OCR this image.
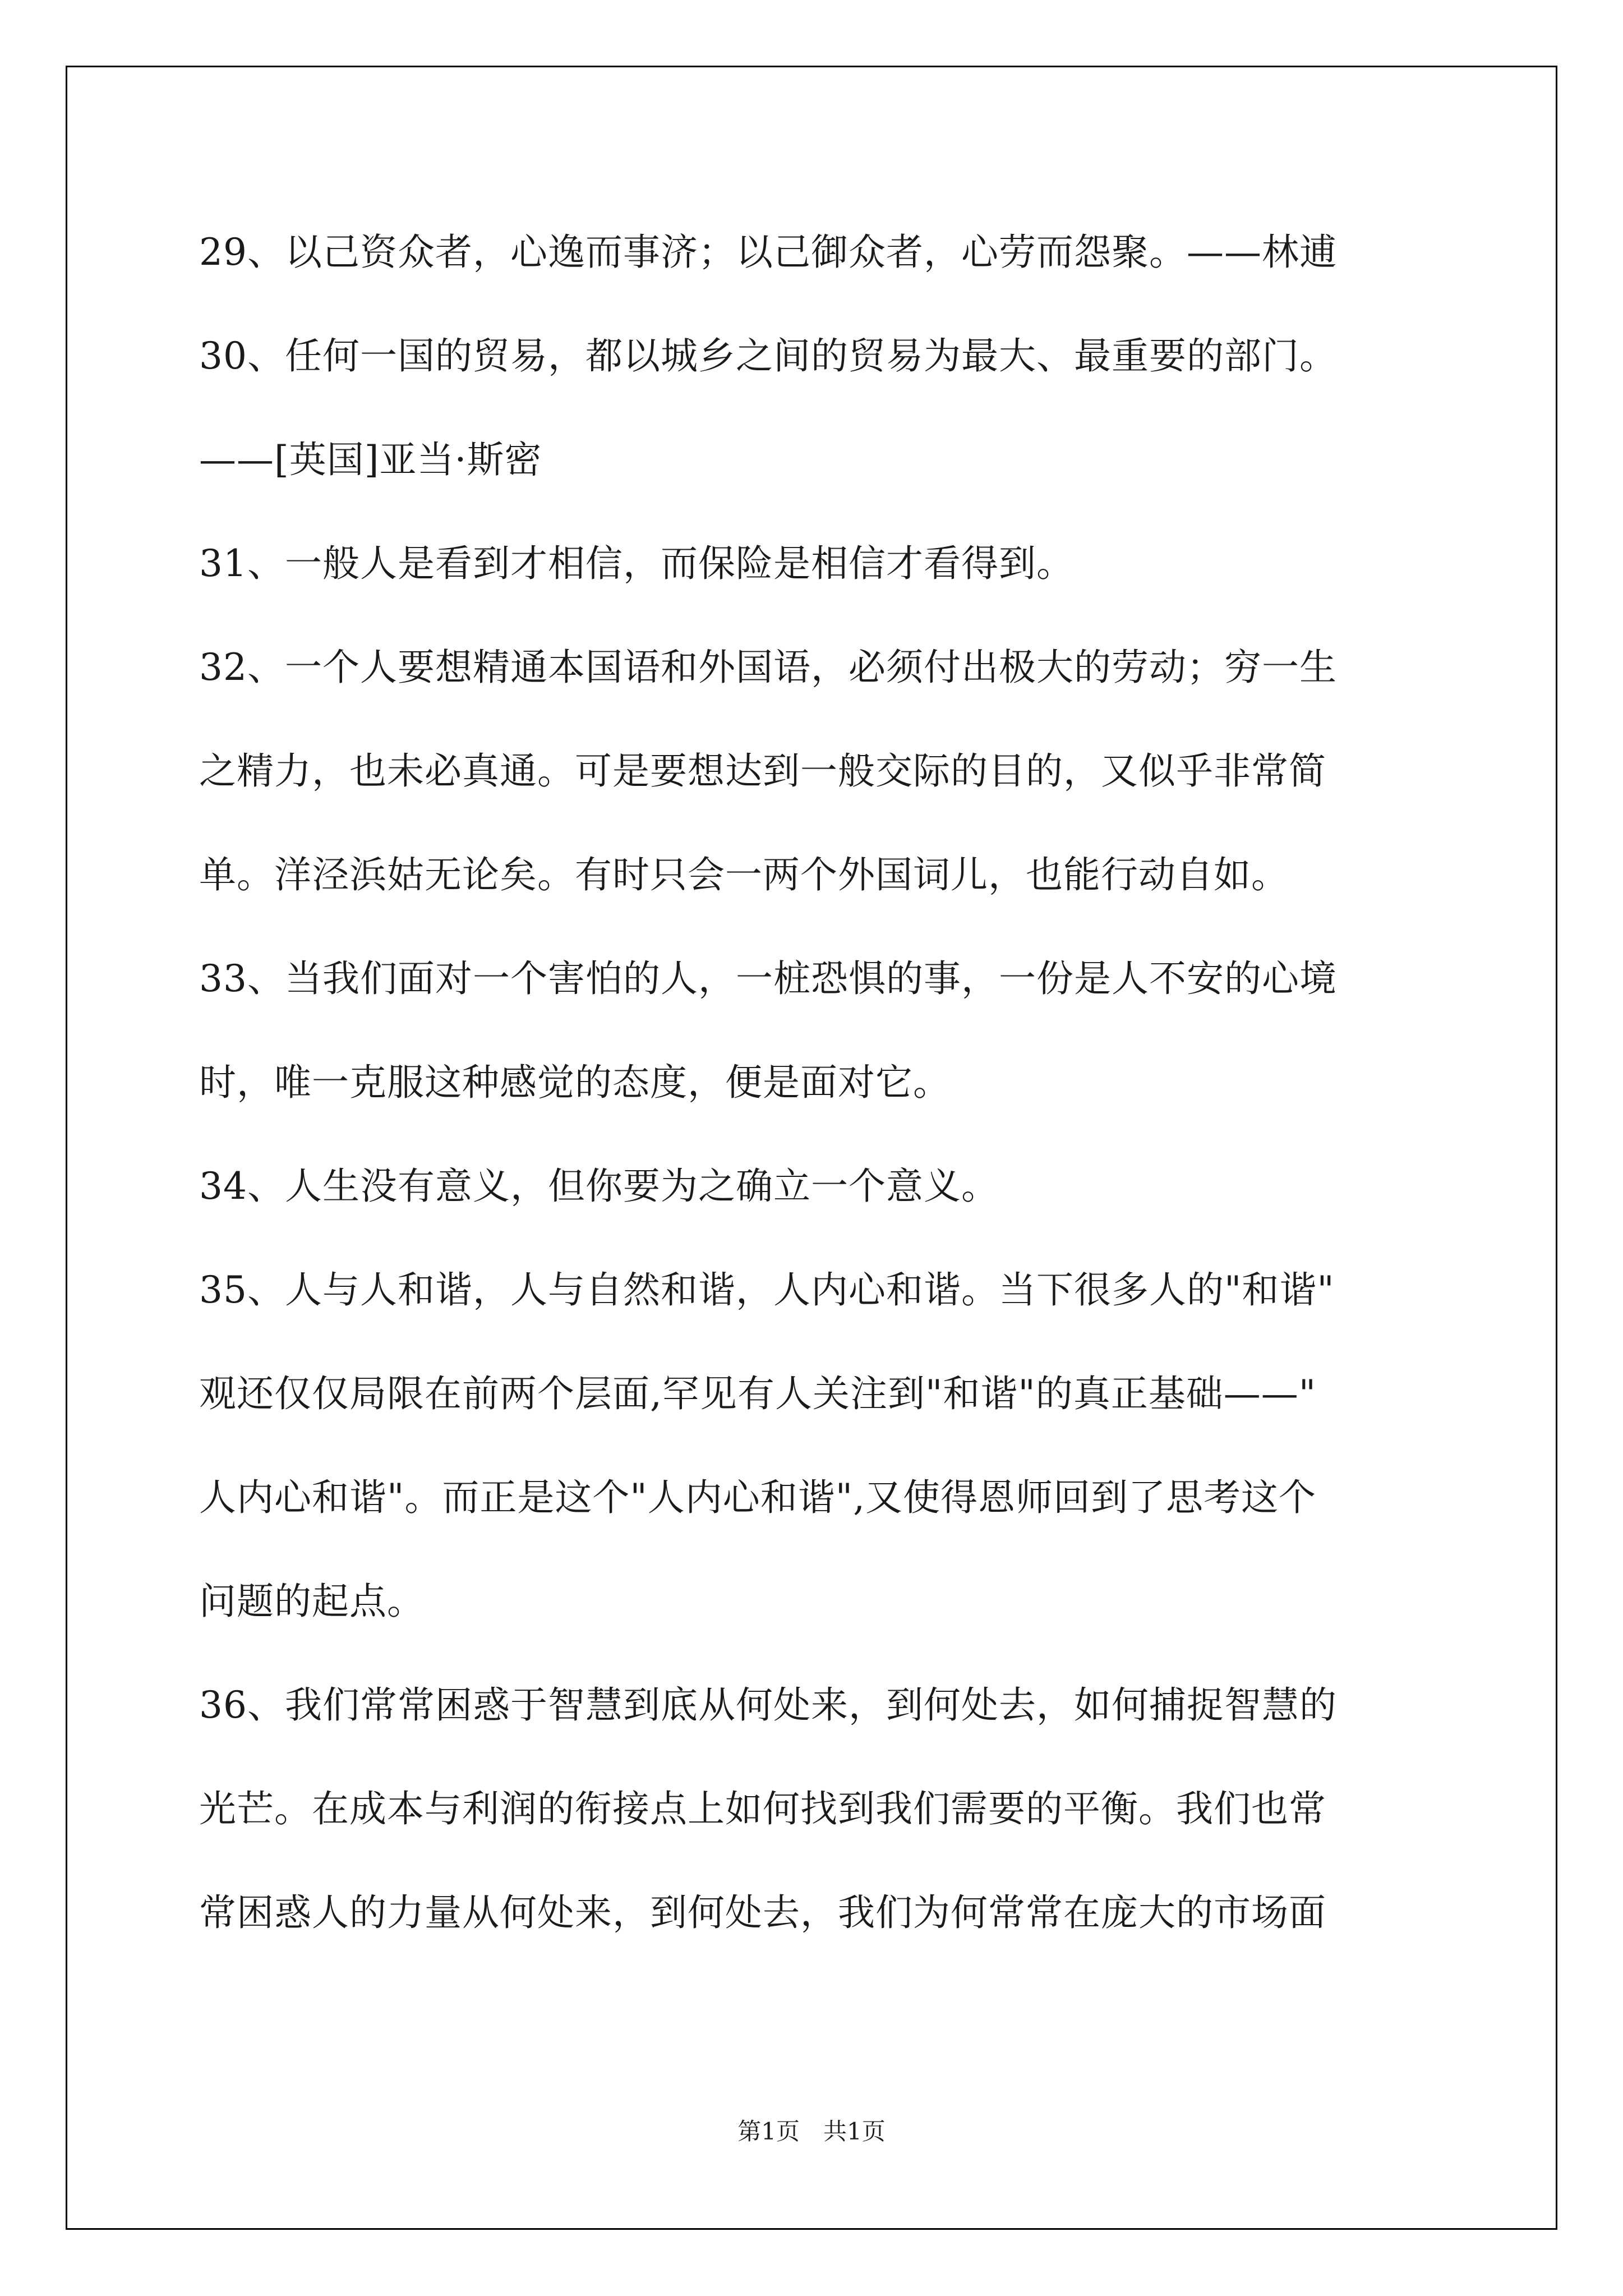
29、以己资众者，心逸而事济；以己御众者，心劳而怨聚。——林逋
30、任何一国的贸易，都以城乡之间的贸易为最大、最重要的部门。
——[英国]亚当·斯密
31、一般人是看到才相信，而保险是相信才看得到。
32、一个人要想精通本国语和外国语，必须付出极大的劳动；穷一生
之精力，也未必真通。可是要想达到一般交际的目的，又似乎非常简
单。洋泾浜姑无论矣。有时只会一两个外国词儿，也能行动自如。
33、当我们面对一个害怕的人，一桩恐惧的事，一份是人不安的心境
时，唯一克服这种感觉的态度，便是面对它。
34、人生没有意义，但你要为之确立一个意义。
35、人与人和谐，人与自然和谐，人内心和谐。当下很多人的"和谐"
观还仅仅局限在前两个层面,罕见有人关注到"和谐"的真正基础——"
人内心和谐"。而正是这个"人内心和谐",又使得恩师回到了思考这个
问题的起点。
36、我们常常困惑于智慧到底从何处来，到何处去，如何捕捉智慧的
光芒。在成本与利润的衔接点上如何找到我们需要的平衡。我们也常
常困惑人的力量从何处来，到何处去，我们为何常常在庞大的市场面
第1页　共1页
